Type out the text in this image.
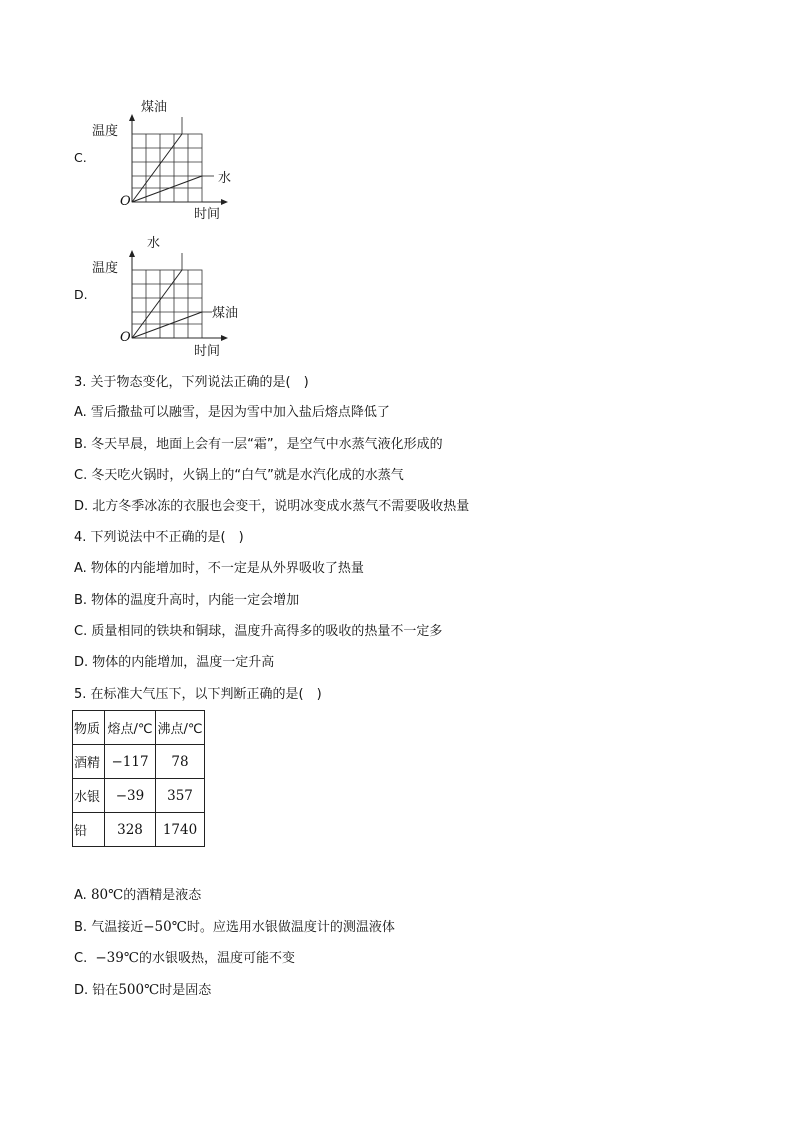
C.
温度
煤油
水
O
时间
D.
温度
水
煤油
O
时间
3. 关于物态变化，下列说法正确的是(　)
A. 雪后撒盐可以融雪，是因为雪中加入盐后熔点降低了
B. 冬天早晨，地面上会有一层“霜”，是空气中水蒸气液化形成的
C. 冬天吃火锅时，火锅上的“白气”就是水汽化成的水蒸气
D. 北方冬季冰冻的衣服也会变干，说明冰变成水蒸气不需要吸收热量
4. 下列说法中不正确的是(　)
A. 物体的内能增加时，不一定是从外界吸收了热量
B. 物体的温度升高时，内能一定会增加
C. 质量相同的铁块和铜球，温度升高得多的吸收的热量不一定多
D. 物体的内能增加，温度一定升高
5. 在标准大气压下，以下判断正确的是(　)
物质	熔点/℃	沸点/℃
酒精	−117	78
水银	−39	357
铅	328	1740
A. 80℃的酒精是液态
B. 气温接近−50℃时。应选用水银做温度计的测温液体
C. −39℃的水银吸热，温度可能不变
D. 铅在500℃时是固态
